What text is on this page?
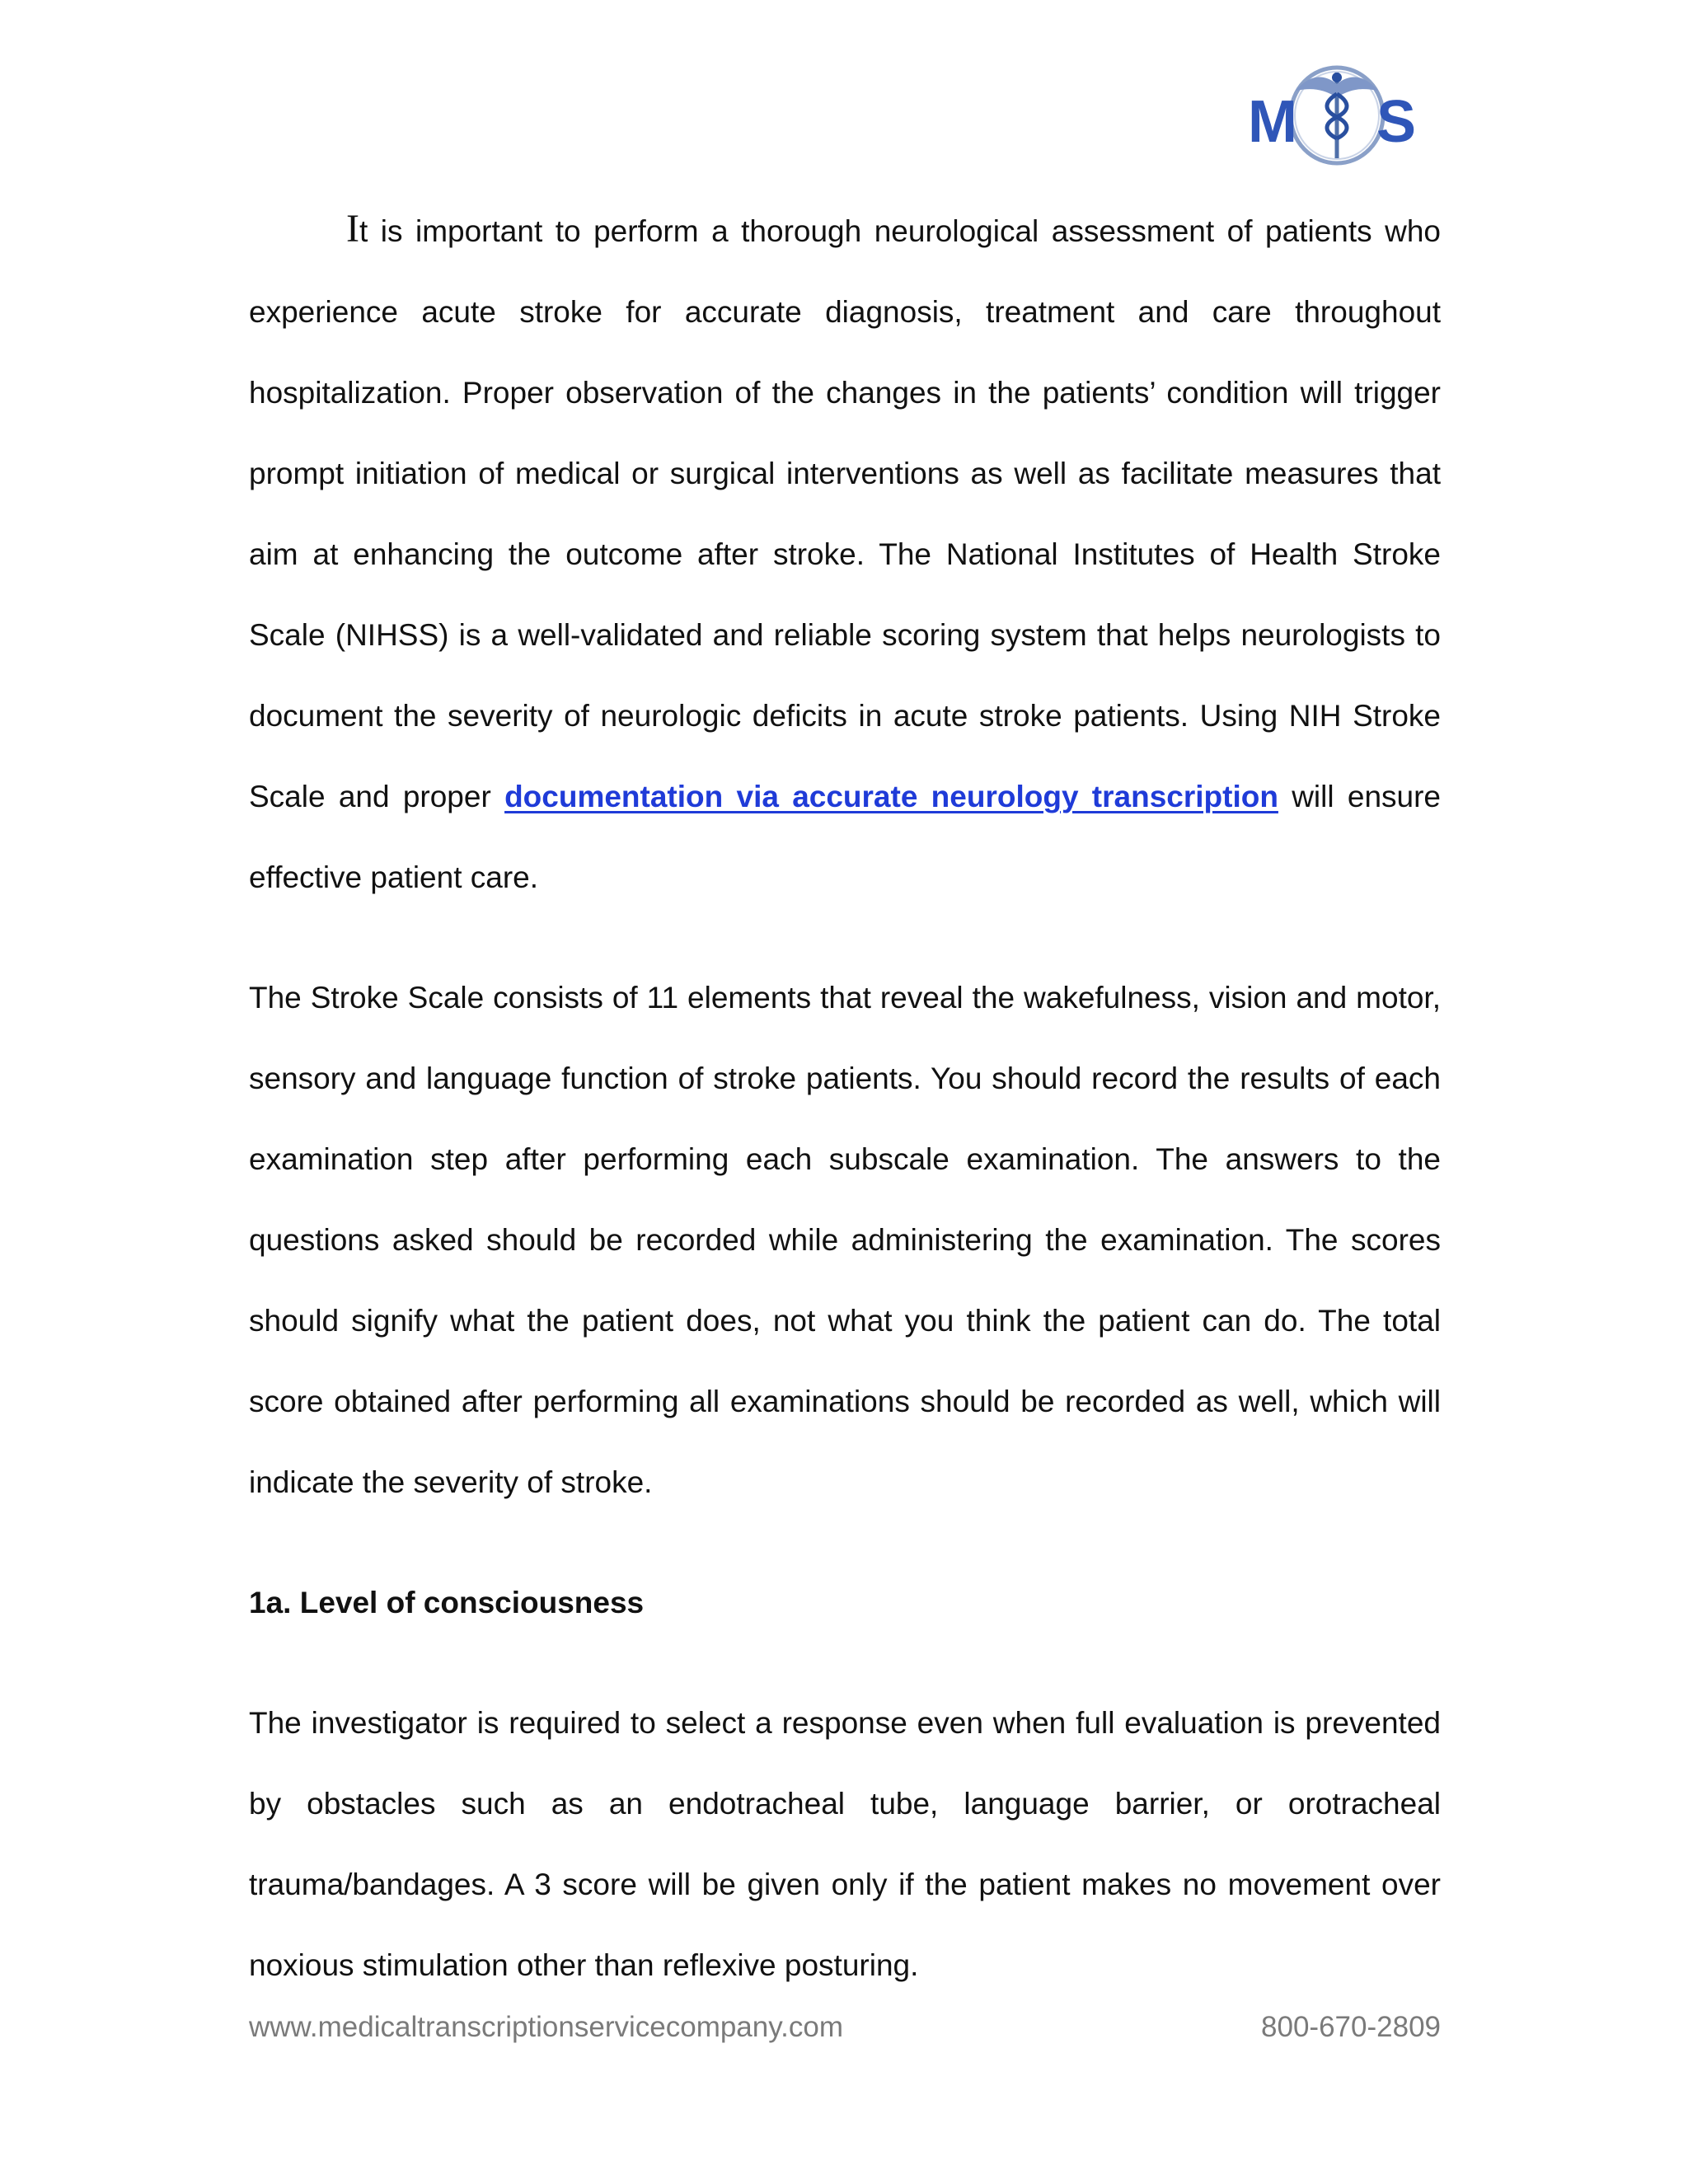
M S

It is important to perform a thorough neurological assessment of patients who experience acute stroke for accurate diagnosis, treatment and care throughout hospitalization. Proper observation of the changes in the patients’ condition will trigger prompt initiation of medical or surgical interventions as well as facilitate measures that aim at enhancing the outcome after stroke. The National Institutes of Health Stroke Scale (NIHSS) is a well-validated and reliable scoring system that helps neurologists to document the severity of neurologic deficits in acute stroke patients. Using NIH Stroke Scale and proper documentation via accurate neurology transcription will ensure effective patient care.

The Stroke Scale consists of 11 elements that reveal the wakefulness, vision and motor, sensory and language function of stroke patients. You should record the results of each examination step after performing each subscale examination. The answers to the questions asked should be recorded while administering the examination. The scores should signify what the patient does, not what you think the patient can do. The total score obtained after performing all examinations should be recorded as well, which will indicate the severity of stroke.

1a. Level of consciousness

The investigator is required to select a response even when full evaluation is prevented by obstacles such as an endotracheal tube, language barrier, or orotracheal trauma/bandages. A 3 score will be given only if the patient makes no movement over noxious stimulation other than reflexive posturing.

www.medicaltranscriptionservicecompany.com	800-670-2809
